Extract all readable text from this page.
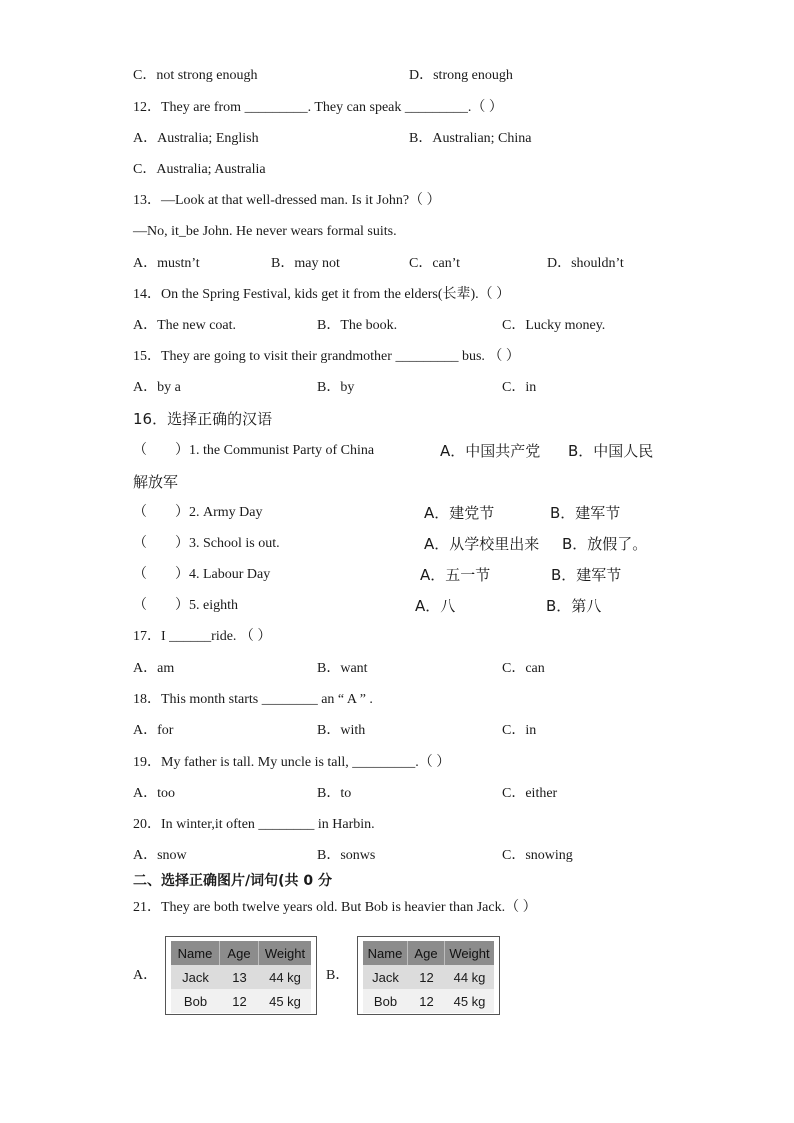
C．not strong enough	D．strong enough
12．They are from _________. They can speak _________.（ ）
A．Australia; English	B．Australian; China
C．Australia; Australia
13．—Look at that well-dressed man. Is it John?（ ）
—No, it_be John. He never wears formal suits.
A．mustn’t	B．may not	C．can’t	D．shouldn’t
14．On the Spring Festival, kids get it from the elders(长辈).（ ）
A．The new coat.	B．The book.	C．Lucky money.
15．They are going to visit their grandmother _________ bus. （ ）
A．by a	B．by	C．in
16．选择正确的汉语
（　　）1. the Communist Party of China	A．中国共产党 B．中国人民
解放军
（　　）2. Army Day	A．建党节	B．建军节
（　　）3. School is out.	A．从学校里出来 B．放假了。
（　　）4. Labour Day	A．五一节	B．建军节
（　　）5. eighth	A．八	B．第八
17．I ______ride. （ ）
A．am	B．want	C．can
18．This month starts ________ an “ A ” .
A．for	B．with	C．in
19．My father is tall. My uncle is tall, _________.（ ）
A．too	B．to	C．either
20．In winter,it often ________ in Harbin.
A．snow	B．sonws	C．snowing
二、选择正确图片/词句(共 0 分
21．They are both twelve years old. But Bob is heavier than Jack.（ ）
A．
Name	Age	Weight
Jack	13	44 kg
Bob	12	45 kg
B．
Name	Age	Weight
Jack	12	44 kg
Bob	12	45 kg
